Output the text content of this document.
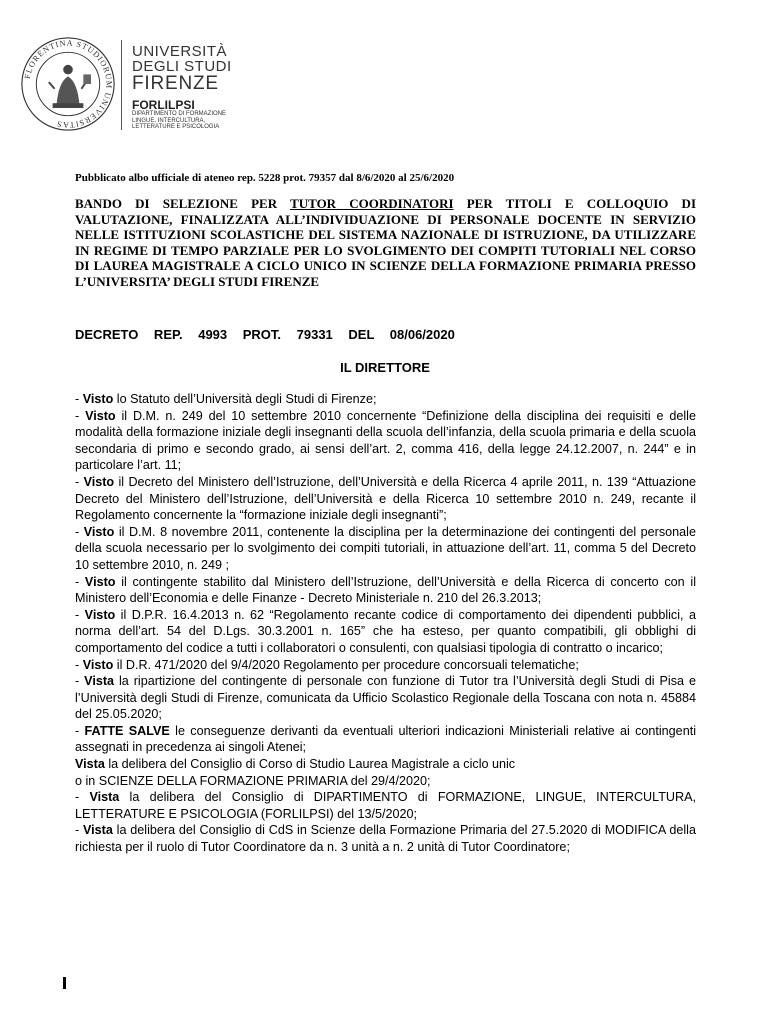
FLORENTINA STUDIORUM UNIVERSITAS
UNIVERSITÀ
DEGLI STUDI
FIRENZE
FORLILPSI
DIPARTIMENTO DI FORMAZIONE
LINGUE, INTERCULTURA,
LETTERATURE E PSICOLOGIA
Pubblicato albo ufficiale di ateneo rep. 5228 prot. 79357 dal 8/6/2020 al 25/6/2020
BANDO DI SELEZIONE PER TUTOR COORDINATORI PER TITOLI E COLLOQUIO DI VALUTAZIONE, FINALIZZATA ALL’INDIVIDUAZIONE DI PERSONALE DOCENTE IN SERVIZIO NELLE ISTITUZIONI SCOLASTICHE DEL SISTEMA NAZIONALE DI ISTRUZIONE, DA UTILIZZARE IN REGIME DI TEMPO PARZIALE PER LO SVOLGIMENTO DEI COMPITI TUTORIALI NEL CORSO DI LAUREA MAGISTRALE A CICLO UNICO IN SCIENZE DELLA FORMAZIONE PRIMARIA PRESSO L’UNIVERSITA’ DEGLI STUDI FIRENZE
DECRETO REP. 4993 PROT. 79331 DEL 08/06/2020
IL DIRETTORE

- Visto lo Statuto dell’Università degli Studi di Firenze;

- Visto il D.M. n. 249 del 10 settembre 2010 concernente “Definizione della disciplina dei requisiti e delle modalità della formazione iniziale degli insegnanti della scuola dell’infanzia, della scuola primaria e della scuola secondaria di primo e secondo grado, ai sensi dell’art. 2, comma 416, della legge 24.12.2007, n. 244” e in particolare l’art. 11;

- Visto il Decreto del Ministero dell’Istruzione, dell’Università e della Ricerca 4 aprile 2011, n. 139 “Attuazione Decreto del Ministero dell’Istruzione, dell’Università e della Ricerca 10 settembre 2010 n. 249, recante il Regolamento concernente la “formazione iniziale degli insegnanti”;

- Visto il D.M. 8 novembre 2011, contenente la disciplina per la determinazione dei contingenti del personale della scuola necessario per lo svolgimento dei compiti tutoriali, in attuazione dell’art. 11, comma 5 del Decreto 10 settembre 2010, n. 249 ;

- Visto il contingente stabilito dal Ministero dell’Istruzione, dell’Università e della Ricerca di concerto con il Ministero dell’Economia e delle Finanze - Decreto Ministeriale n. 210 del 26.3.2013;

- Visto il D.P.R. 16.4.2013 n. 62 “Regolamento recante codice di comportamento dei dipendenti pubblici, a norma dell’art. 54 del D.Lgs. 30.3.2001 n. 165” che ha esteso, per quanto compatibili, gli obblighi di comportamento del codice a tutti i collaboratori o consulenti, con qualsiasi tipologia di contratto o incarico;

- Visto il D.R. 471/2020 del 9/4/2020 Regolamento per procedure concorsuali telematiche;

- Vista la ripartizione del contingente di personale con funzione di Tutor tra l’Università degli Studi di Pisa e l’Università degli Studi di Firenze, comunicata da Ufficio Scolastico Regionale della Toscana con nota n. 45884 del 25.05.2020;

- FATTE SALVE le conseguenze derivanti da eventuali ulteriori indicazioni Ministeriali relative ai contingenti assegnati in precedenza ai singoli Atenei;

Vista la delibera del Consiglio di Corso di Studio Laurea Magistrale a ciclo unic

o in SCIENZE DELLA FORMAZIONE PRIMARIA del 29/4/2020;

- Vista la delibera del Consiglio di DIPARTIMENTO di FORMAZIONE, LINGUE, INTERCULTURA, LETTERATURE E PSICOLOGIA (FORLILPSI) del 13/5/2020;

- Vista la delibera del Consiglio di CdS in Scienze della Formazione Primaria del 27.5.2020 di MODIFICA della richiesta per il ruolo di Tutor Coordinatore da n. 3 unità a n. 2 unità di Tutor Coordinatore;
